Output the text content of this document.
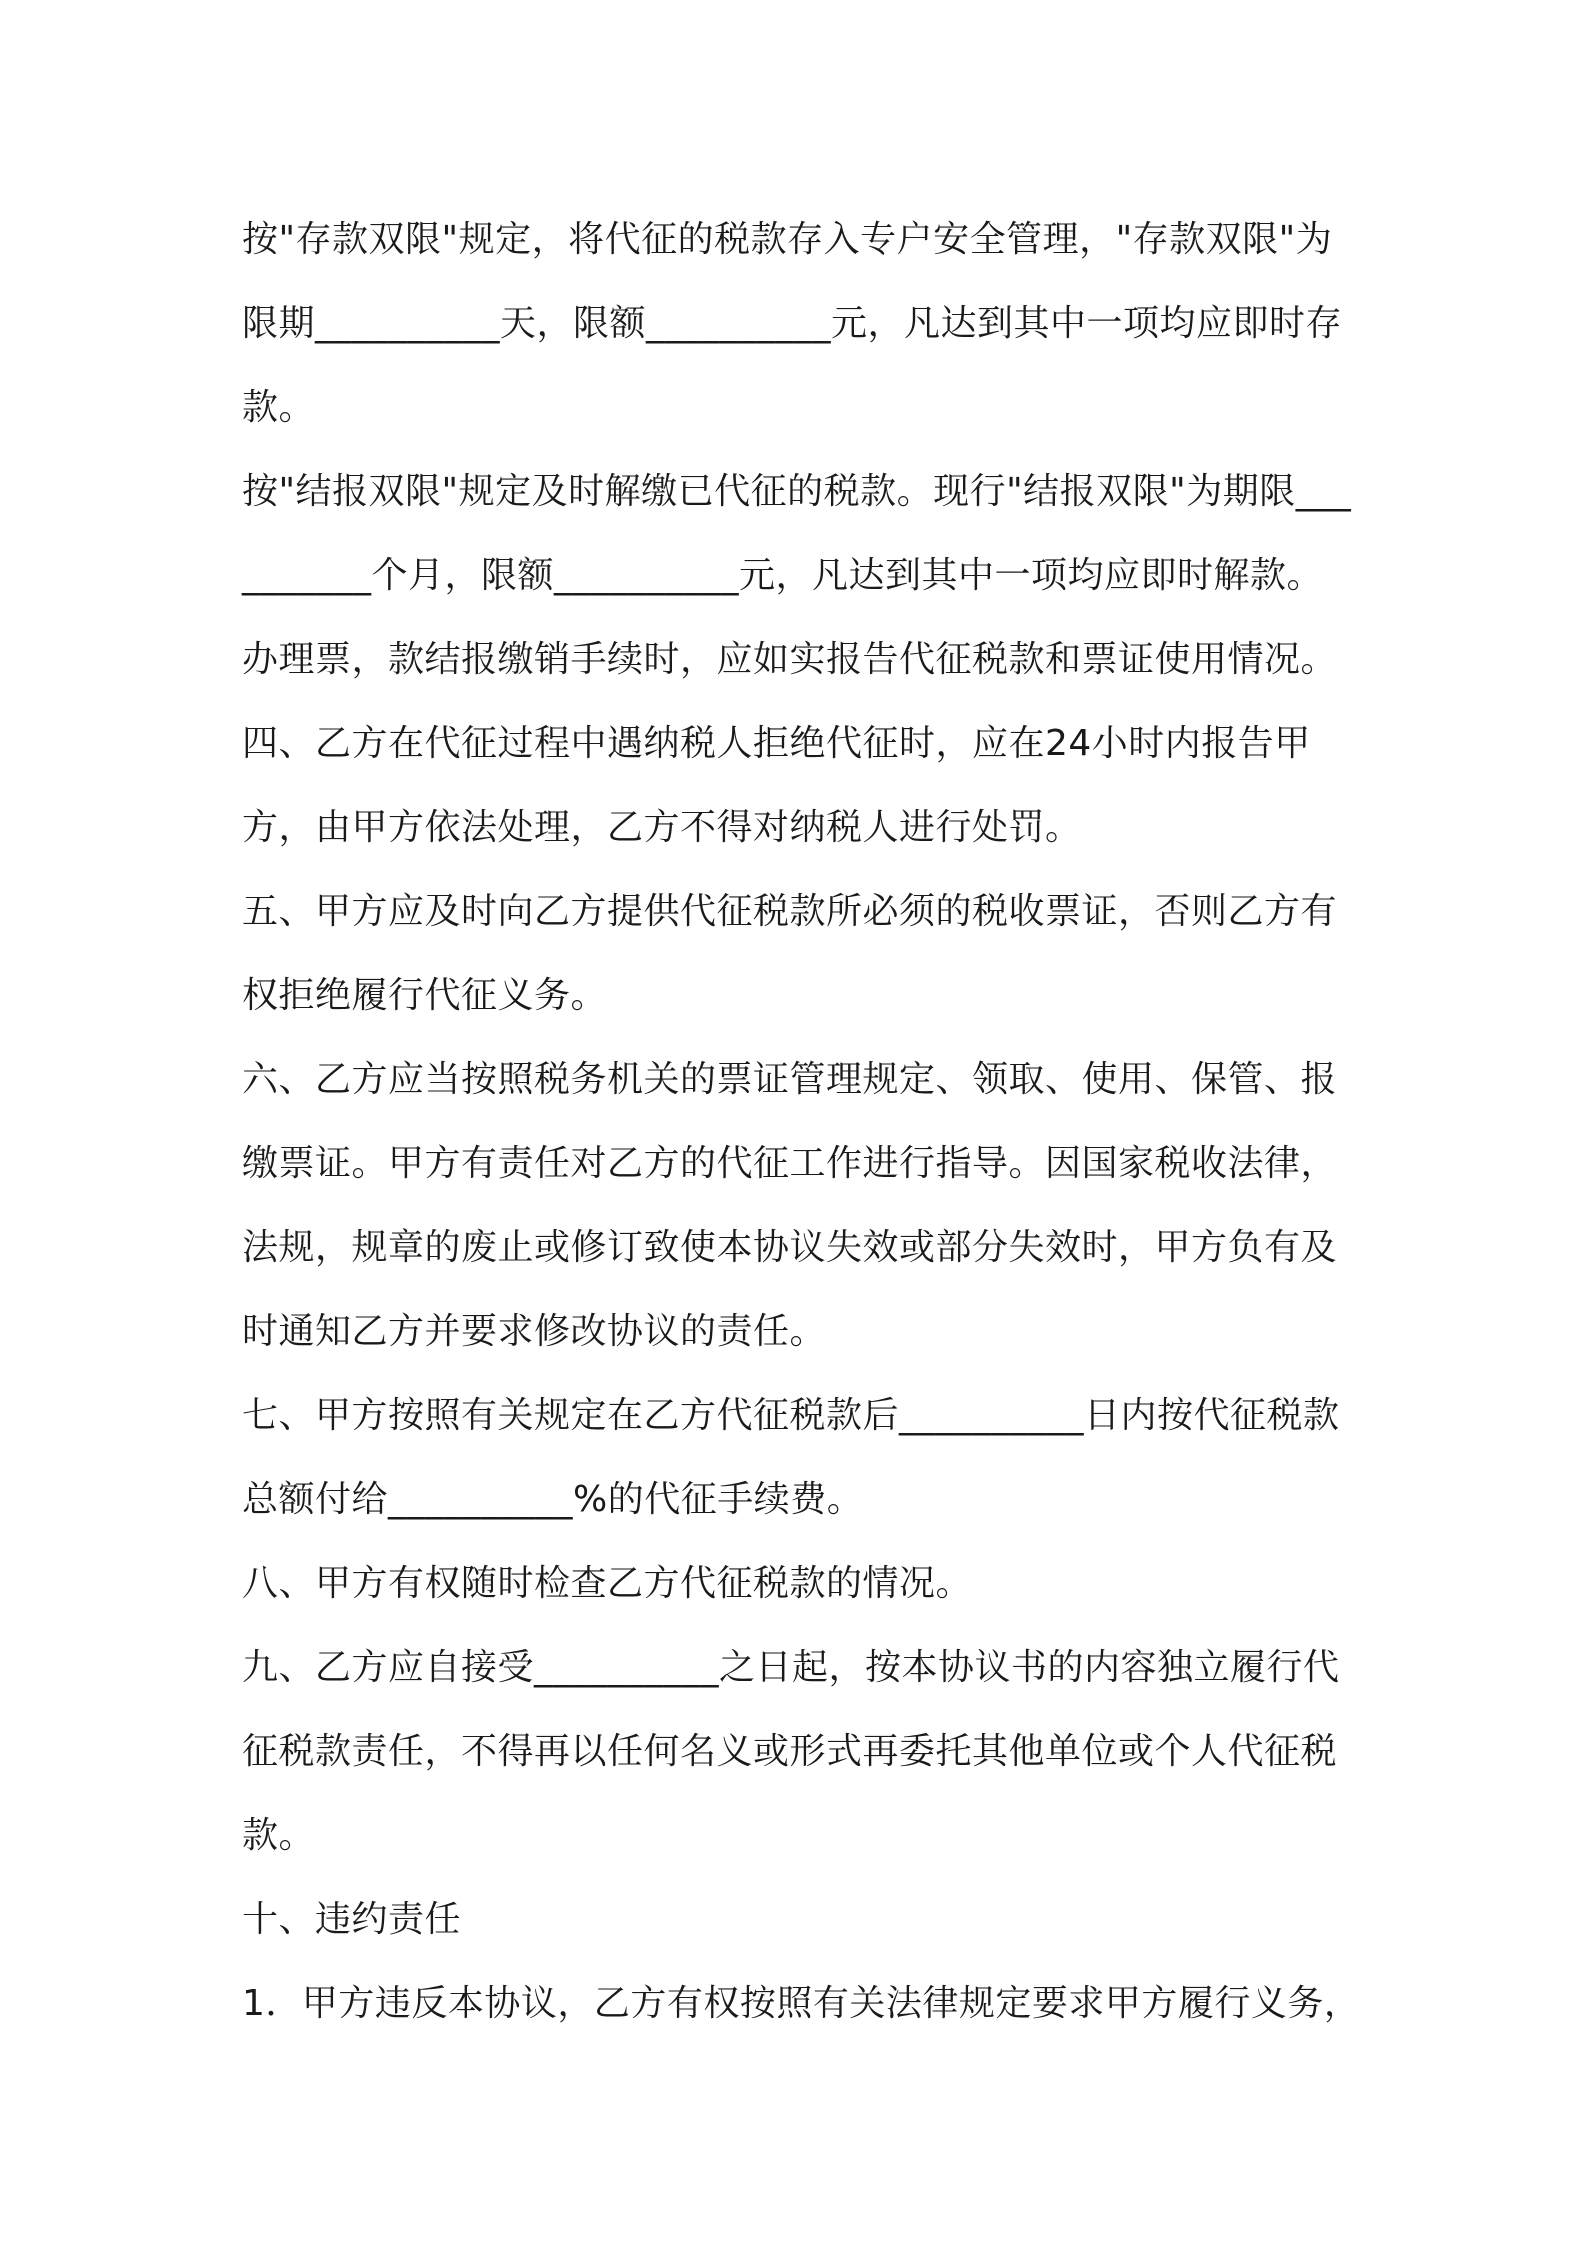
按"存款双限"规定，将代征的税款存入专户安全管理，"存款双限"为限期__________天，限额__________元，凡达到其中一项均应即时存款。

按"结报双限"规定及时解缴已代征的税款。现行"结报双限"为期限__________个月，限额__________元，凡达到其中一项均应即时解款。

办理票，款结报缴销手续时，应如实报告代征税款和票证使用情况。

四、乙方在代征过程中遇纳税人拒绝代征时，应在24小时内报告甲方，由甲方依法处理，乙方不得对纳税人进行处罚。

五、甲方应及时向乙方提供代征税款所必须的税收票证，否则乙方有权拒绝履行代征义务。

六、乙方应当按照税务机关的票证管理规定、领取、使用、保管、报缴票证。甲方有责任对乙方的代征工作进行指导。因国家税收法律，法规，规章的废止或修订致使本协议失效或部分失效时，甲方负有及时通知乙方并要求修改协议的责任。

七、甲方按照有关规定在乙方代征税款后__________日内按代征税款总额付给__________%的代征手续费。

八、甲方有权随时检查乙方代征税款的情况。

九、乙方应自接受__________之日起，按本协议书的内容独立履行代征税款责任，不得再以任何名义或形式再委托其他单位或个人代征税款。

十、违约责任

1．甲方违反本协议，乙方有权按照有关法律规定要求甲方履行义务，
